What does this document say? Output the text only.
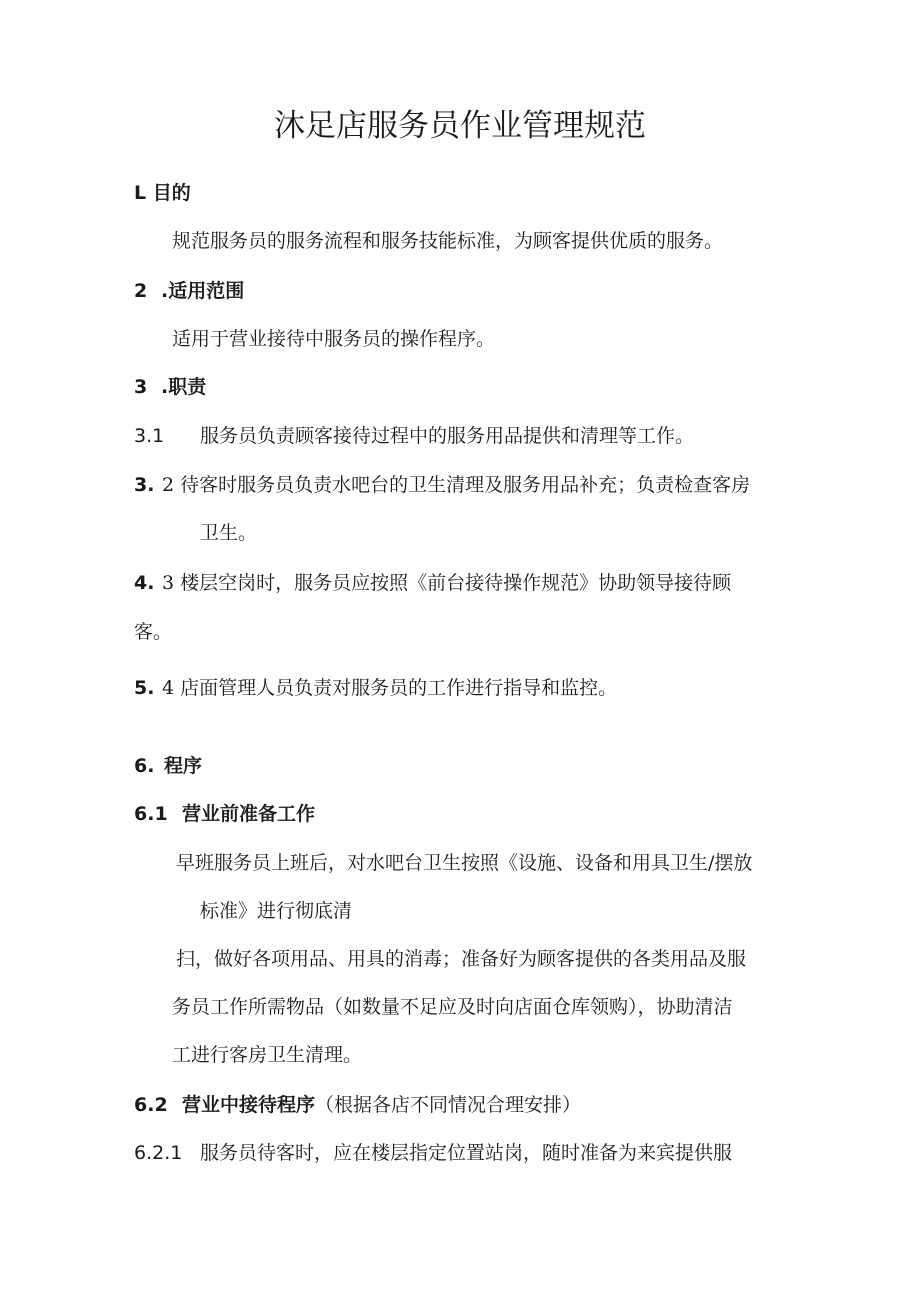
沐足店服务员作业管理规范
L 目的
规范服务员的服务流程和服务技能标准，为顾客提供优质的服务。
2 .适用范围
适用于营业接待中服务员的操作程序。
3 .职责
3.1 服务员负责顾客接待过程中的服务用品提供和清理等工作。
3. 2 待客时服务员负责水吧台的卫生清理及服务用品补充；负责检查客房
卫生。
4. 3 楼层空岗时，服务员应按照《前台接待操作规范》协助领导接待顾
客。
5. 4 店面管理人员负责对服务员的工作进行指导和监控。
6. 程序
6.1 营业前准备工作
早班服务员上班后，对水吧台卫生按照《设施、设备和用具卫生/摆放
标准》进行彻底清
扫，做好各项用品、用具的消毒；准备好为顾客提供的各类用品及服
务员工作所需物品（如数量不足应及时向店面仓库领购），协助清洁
工进行客房卫生清理。
6.2 营业中接待程序（根据各店不同情况合理安排）
6.2.1 服务员待客时，应在楼层指定位置站岗，随时准备为来宾提供服
